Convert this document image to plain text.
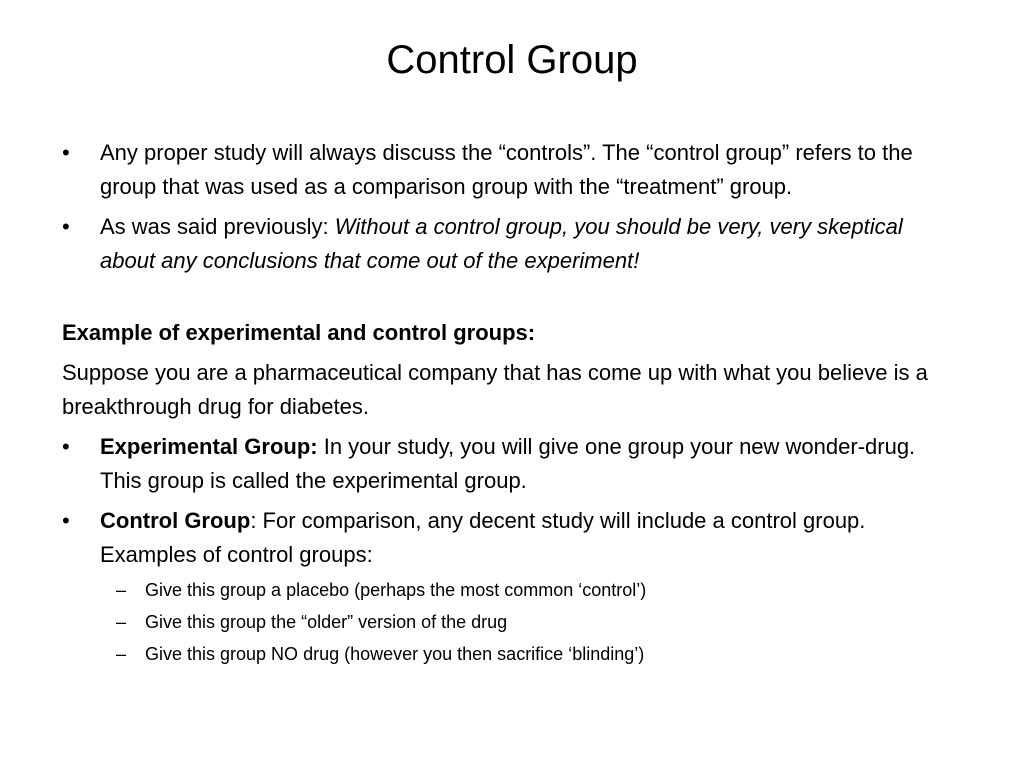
Control Group
•	Any proper study will always discuss the “controls”. The “control group” refers to the group that was used as a comparison group with the “treatment” group.
•	As was said previously: Without a control group, you should be very, very skeptical about any conclusions that come out of the experiment!
Example of experimental and control groups:
Suppose you are a pharmaceutical company that has come up with what you believe is a breakthrough drug for diabetes.
•	Experimental Group: In your study, you will give one group your new wonder-drug. This group is called the experimental group.
•	Control Group: For comparison, any decent study will include a control group. Examples of control groups:
– Give this group a placebo (perhaps the most common ‘control’)
– Give this group the “older” version of the drug
– Give this group NO drug (however you then sacrifice ‘blinding’)
